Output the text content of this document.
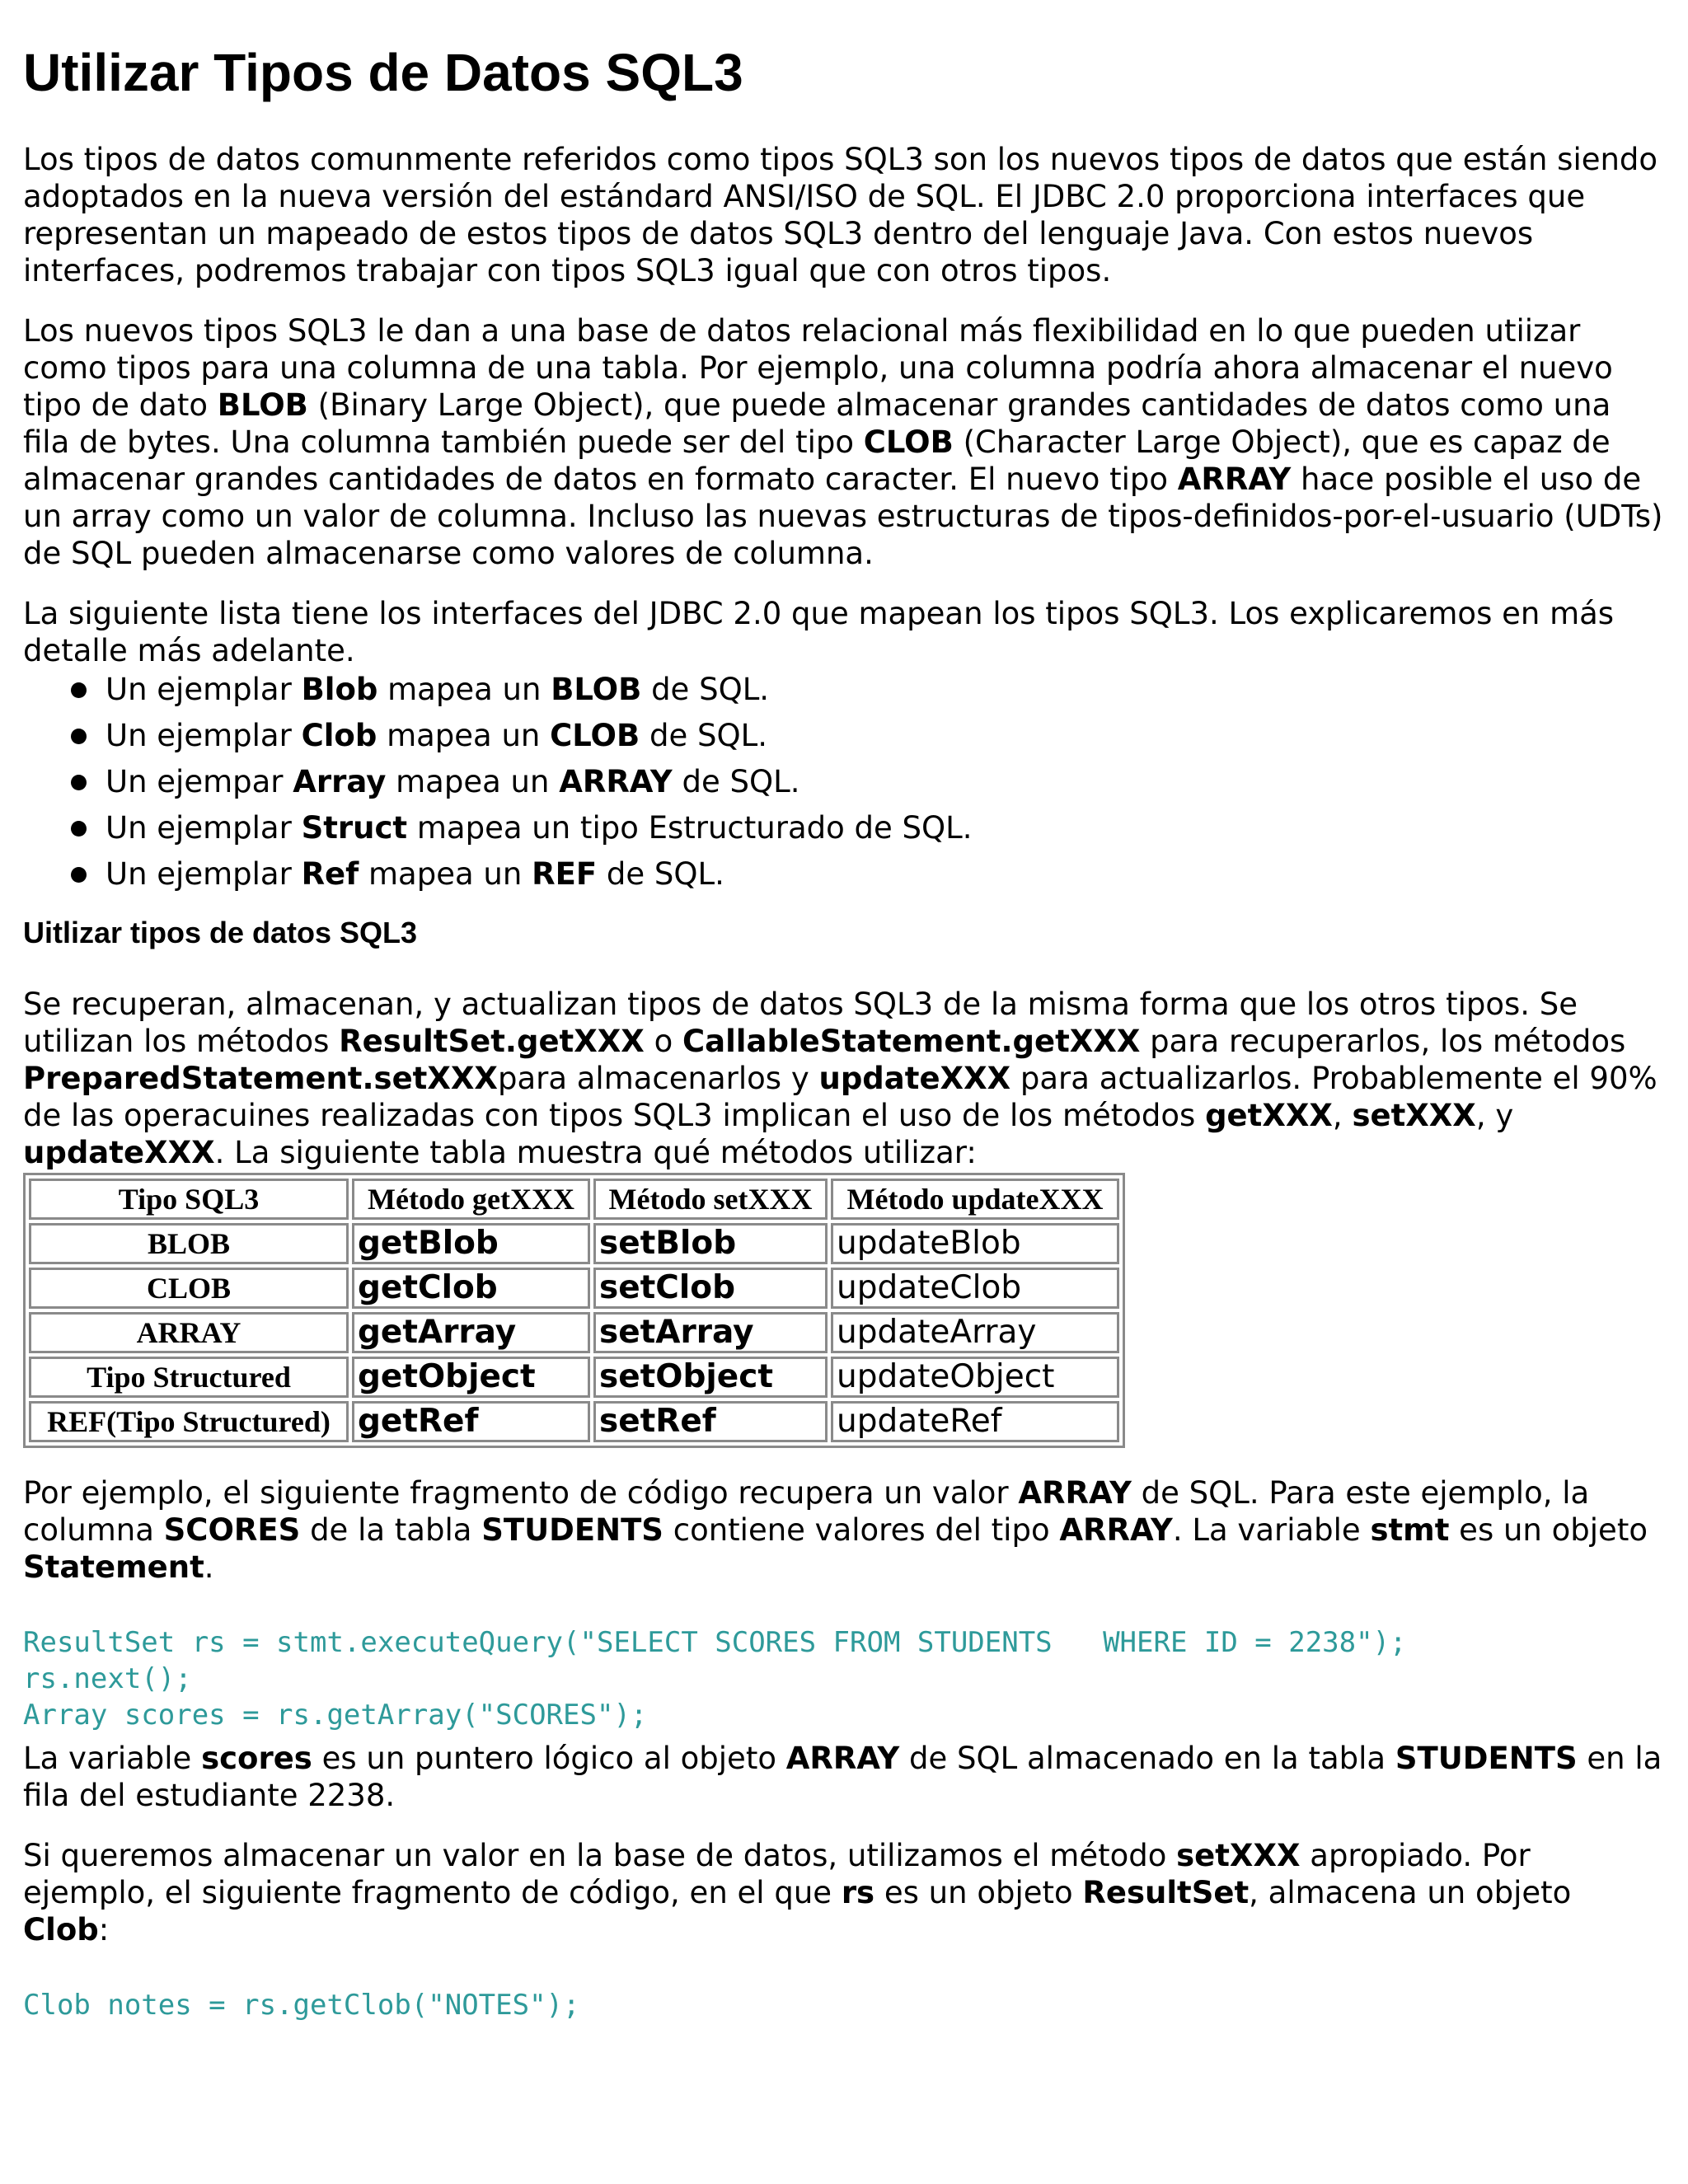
Utilizar Tipos de Datos SQL3

Los tipos de datos comunmente referidos como tipos SQL3 son los nuevos tipos de datos que están siendo adoptados en la nueva versión del estándard ANSI/ISO de SQL. El JDBC 2.0 proporciona interfaces que representan un mapeado de estos tipos de datos SQL3 dentro del lenguaje Java. Con estos nuevos interfaces, podremos trabajar con tipos SQL3 igual que con otros tipos.

Los nuevos tipos SQL3 le dan a una base de datos relacional más flexibilidad en lo que pueden utiizar como tipos para una columna de una tabla. Por ejemplo, una columna podría ahora almacenar el nuevo tipo de dato BLOB (Binary Large Object), que puede almacenar grandes cantidades de datos como una fila de bytes. Una columna también puede ser del tipo CLOB (Character Large Object), que es capaz de almacenar grandes cantidades de datos en formato caracter. El nuevo tipo ARRAY hace posible el uso de un array como un valor de columna. Incluso las nuevas estructuras de tipos-definidos-por-el-usuario (UDTs) de SQL pueden almacenarse como valores de columna.

La siguiente lista tiene los interfaces del JDBC 2.0 que mapean los tipos SQL3. Los explicaremos en más detalle más adelante.

Un ejemplar Blob mapea un BLOB de SQL.
Un ejemplar Clob mapea un CLOB de SQL.
Un ejempar Array mapea un ARRAY de SQL.
Un ejemplar Struct mapea un tipo Estructurado de SQL.
Un ejemplar Ref mapea un REF de SQL.
Uitlizar tipos de datos SQL3

Se recuperan, almacenan, y actualizan tipos de datos SQL3 de la misma forma que los otros tipos. Se utilizan los métodos ResultSet.getXXX o CallableStatement.getXXX para recuperarlos, los métodos PreparedStatement.setXXXpara almacenarlos y updateXXX para actualizarlos. Probablemente el 90% de las operacuines realizadas con tipos SQL3 implican el uso de los métodos getXXX, setXXX, y updateXXX. La siguiente tabla muestra qué métodos utilizar:

Tipo SQL3	Método getXXX	Método setXXX	Método updateXXX
BLOB	getBlob	setBlob	updateBlob
CLOB	getClob	setClob	updateClob
ARRAY	getArray	setArray	updateArray
Tipo Structured	getObject	setObject	updateObject
REF(Tipo Structured)	getRef	setRef	updateRef

Por ejemplo, el siguiente fragmento de código recupera un valor ARRAY de SQL. Para este ejemplo, la columna SCORES de la tabla STUDENTS contiene valores del tipo ARRAY. La variable stmt es un objeto Statement.

ResultSet rs = stmt.executeQuery("SELECT SCORES FROM STUDENTS   WHERE ID = 2238");
rs.next();
Array scores = rs.getArray("SCORES");

La variable scores es un puntero lógico al objeto ARRAY de SQL almacenado en la tabla STUDENTS en la fila del estudiante 2238.

Si queremos almacenar un valor en la base de datos, utilizamos el método setXXX apropiado. Por ejemplo, el siguiente fragmento de código, en el que rs es un objeto ResultSet, almacena un objeto Clob:

Clob notes = rs.getClob("NOTES");
